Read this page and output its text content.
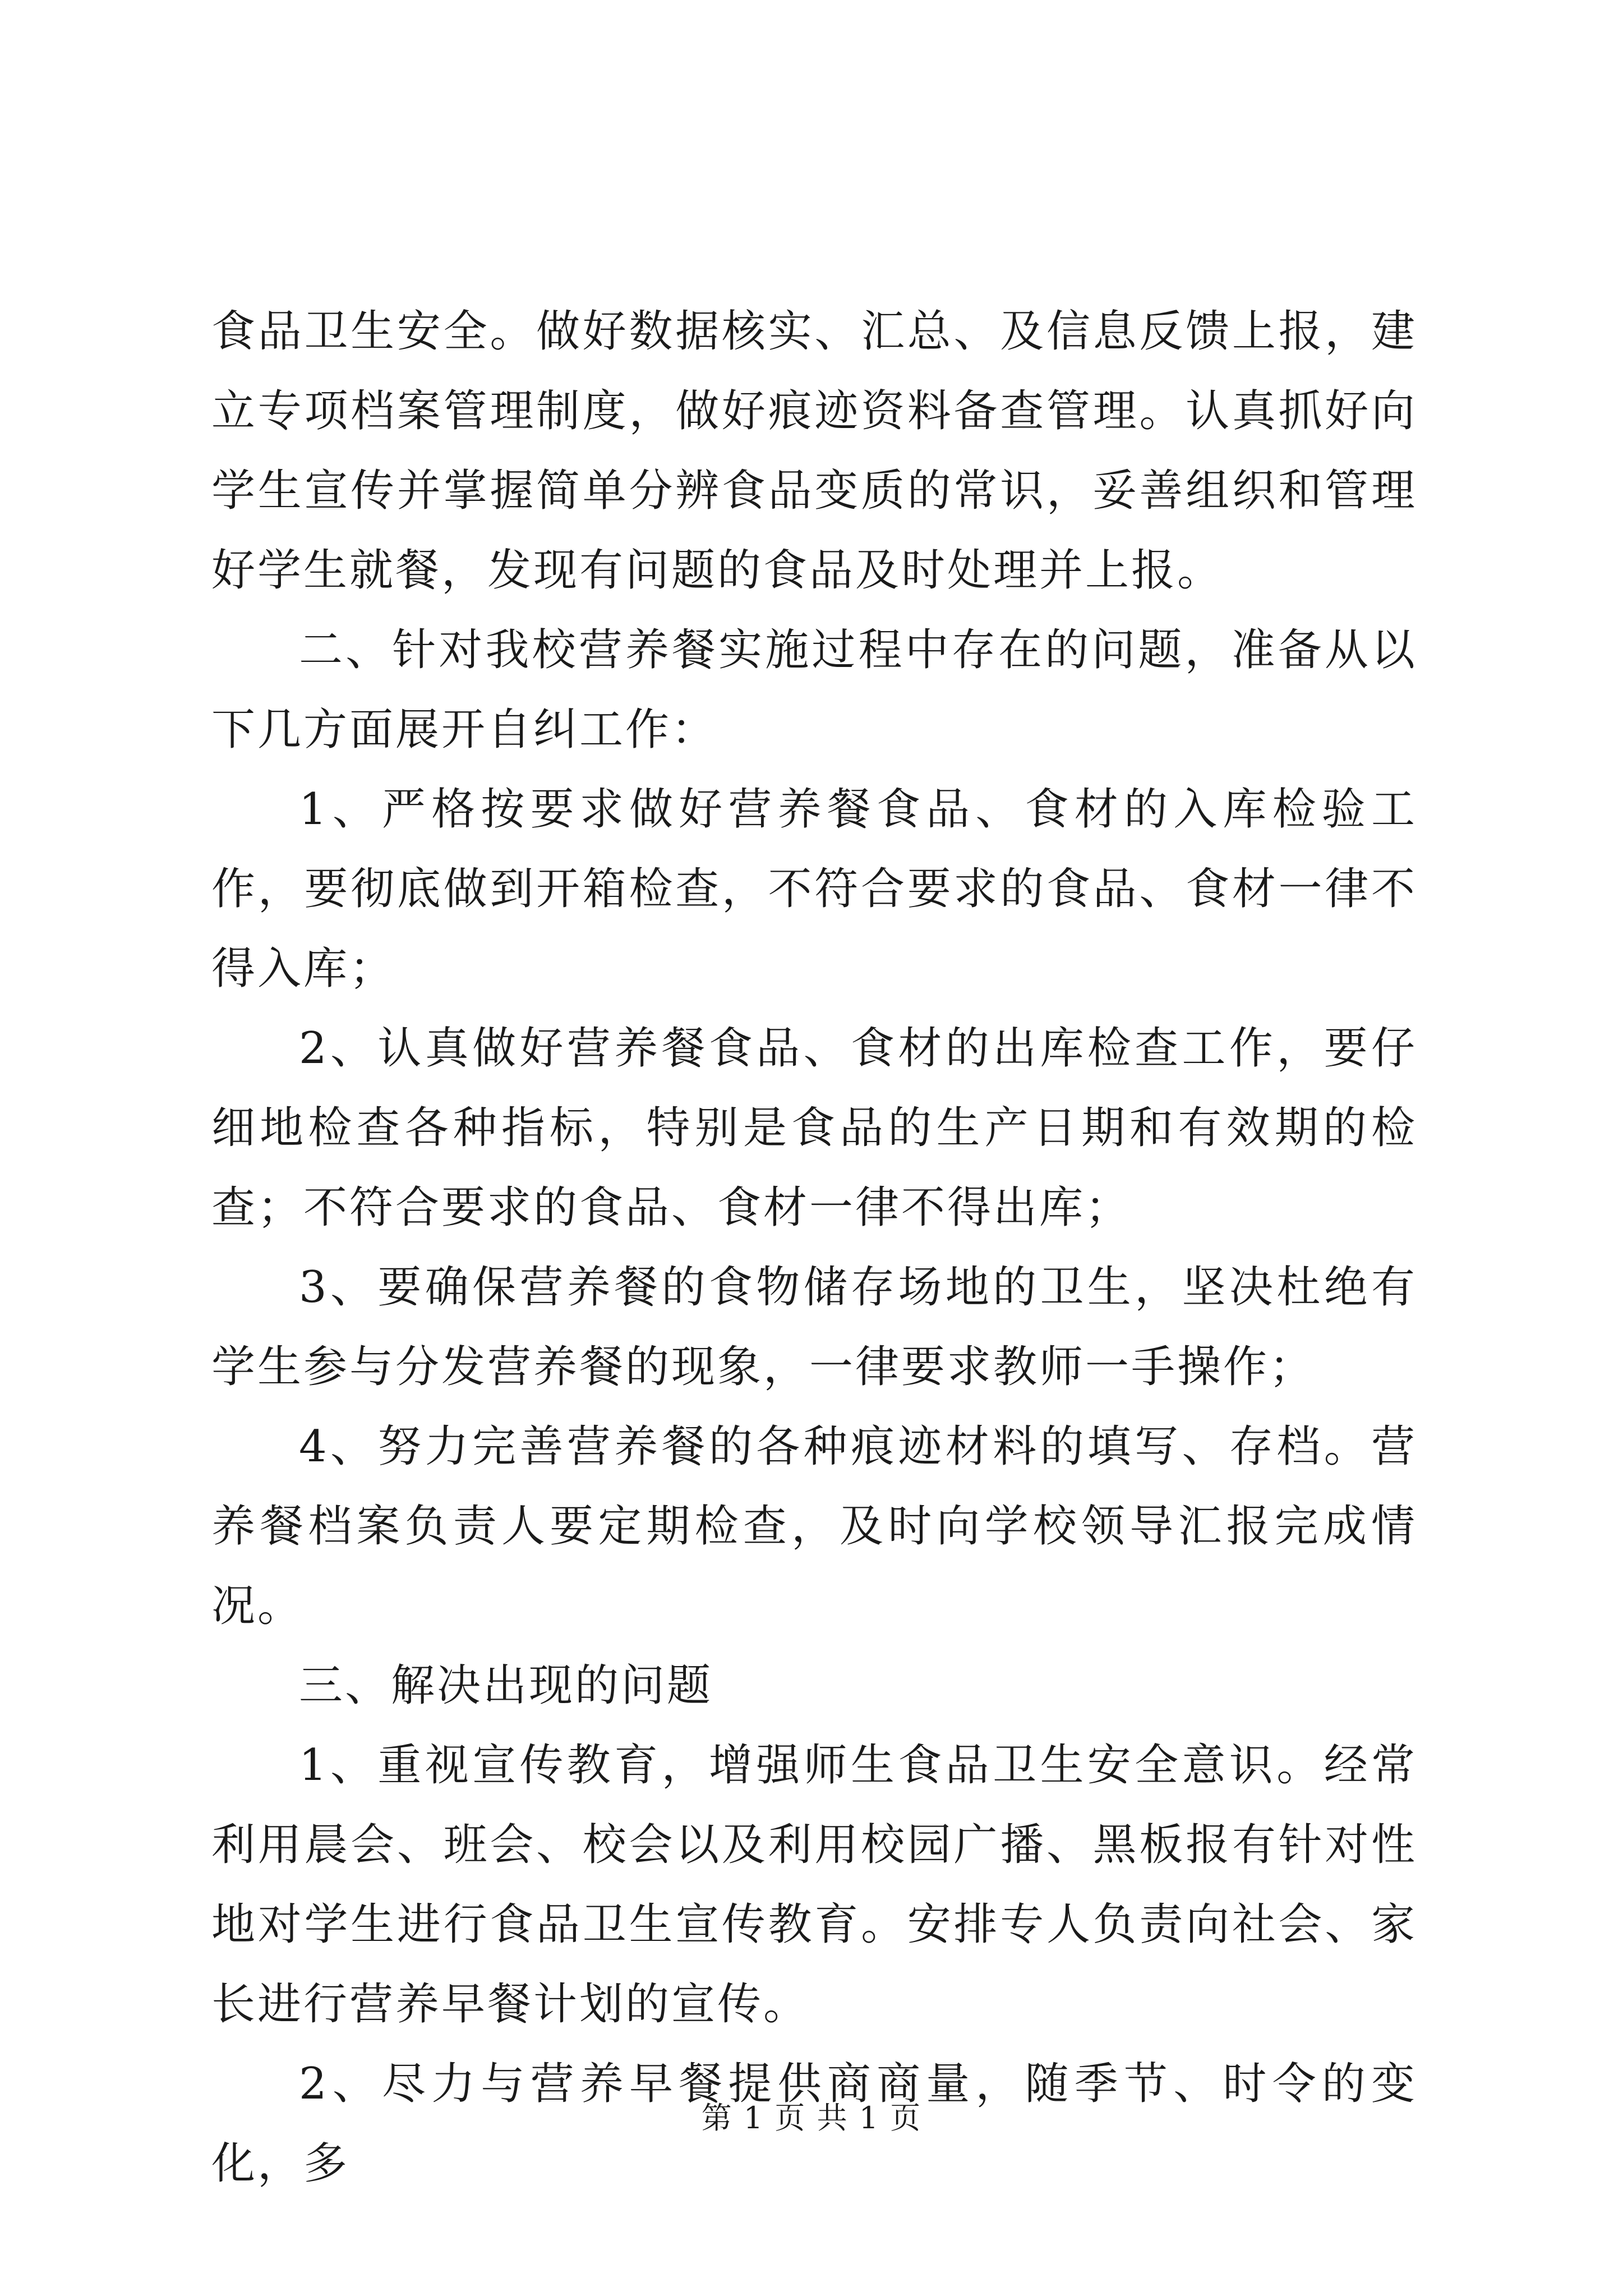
食品卫生安全。做好数据核实、汇总、及信息反馈上报，建立专项档案管理制度，做好痕迹资料备查管理。认真抓好向学生宣传并掌握简单分辨食品变质的常识，妥善组织和管理好学生就餐，发现有问题的食品及时处理并上报。

二、针对我校营养餐实施过程中存在的问题，准备从以下几方面展开自纠工作：

1、严格按要求做好营养餐食品、食材的入库检验工作，要彻底做到开箱检查，不符合要求的食品、食材一律不得入库；

2、认真做好营养餐食品、食材的出库检查工作，要仔细地检查各种指标，特别是食品的生产日期和有效期的检查；不符合要求的食品、食材一律不得出库；

3、要确保营养餐的食物储存场地的卫生，坚决杜绝有学生参与分发营养餐的现象，一律要求教师一手操作；

4、努力完善营养餐的各种痕迹材料的填写、存档。营养餐档案负责人要定期检查，及时向学校领导汇报完成情况。

三、解决出现的问题

1、重视宣传教育，增强师生食品卫生安全意识。经常利用晨会、班会、校会以及利用校园广播、黑板报有针对性地对学生进行食品卫生宣传教育。安排专人负责向社会、家长进行营养早餐计划的宣传。

2、尽力与营养早餐提供商商量，随季节、时令的变化，多

第 1 页 共 1 页
